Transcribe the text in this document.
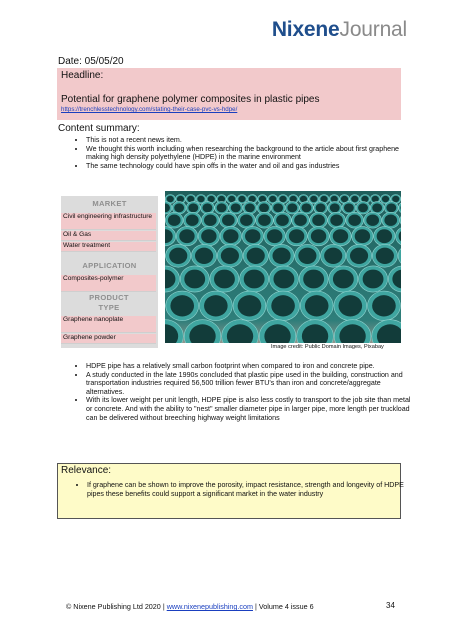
NixeneJournal
Date: 05/05/20
Headline:
Potential for graphene polymer composites in plastic pipes
https://trenchlesstechnology.com/stating-their-case-pvc-vs-hdpe/
Content summary:
• This is not a recent news item.
• We thought this worth including when researching the background to the article about first graphene making high density polyethylene (HDPE) in the marine environment
• The same technology could have spin offs in the water and oil and gas industries
MARKET
Civil engineering infrastructure
Oil & Gas
Water treatment
APPLICATION
Composites-polymer
PRODUCT TYPE
Graphene nanoplate
Graphene powder
Image credit: Public Domain Images, Pixabay
• HDPE pipe has a relatively small carbon footprint when compared to iron and concrete pipe.
• A study conducted in the late 1990s concluded that plastic pipe used in the building, construction and transportation industries required 56,500 trillion fewer BTU's than iron and concrete/aggregate alternatives.
• With its lower weight per unit length, HDPE pipe is also less costly to transport to the job site than metal or concrete. And with the ability to "nest" smaller diameter pipe in larger pipe, more length per truckload can be delivered without breeching highway weight limitations
Relevance:
• If graphene can be shown to improve the porosity, impact resistance, strength and longevity of HDPE pipes these benefits could support a significant market in the water industry
© Nixene Publishing Ltd 2020 | www.nixenepublishing.com | Volume 4 issue 6	34
